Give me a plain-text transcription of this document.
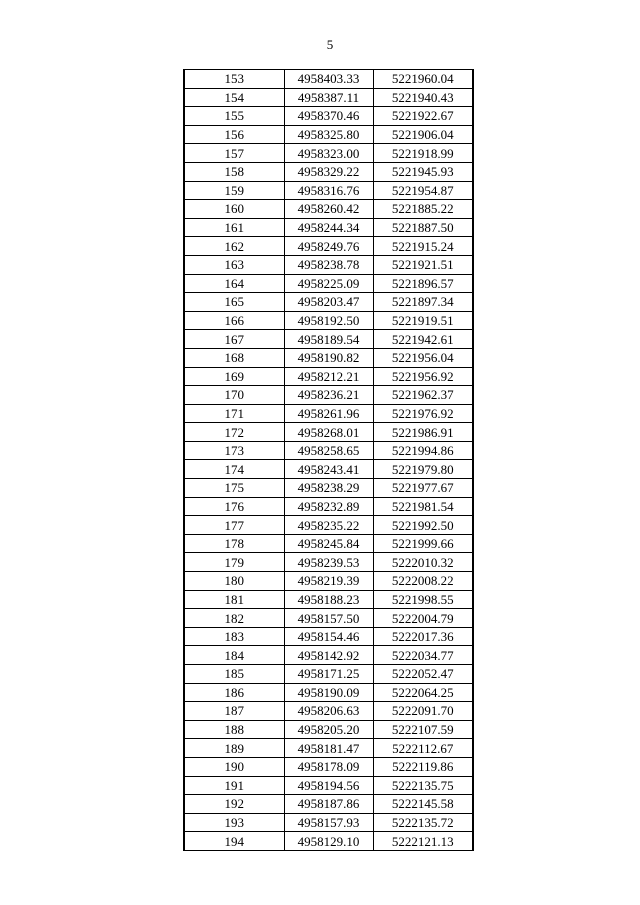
5
153	4958403.33	5221960.04
154	4958387.11	5221940.43
155	4958370.46	5221922.67
156	4958325.80	5221906.04
157	4958323.00	5221918.99
158	4958329.22	5221945.93
159	4958316.76	5221954.87
160	4958260.42	5221885.22
161	4958244.34	5221887.50
162	4958249.76	5221915.24
163	4958238.78	5221921.51
164	4958225.09	5221896.57
165	4958203.47	5221897.34
166	4958192.50	5221919.51
167	4958189.54	5221942.61
168	4958190.82	5221956.04
169	4958212.21	5221956.92
170	4958236.21	5221962.37
171	4958261.96	5221976.92
172	4958268.01	5221986.91
173	4958258.65	5221994.86
174	4958243.41	5221979.80
175	4958238.29	5221977.67
176	4958232.89	5221981.54
177	4958235.22	5221992.50
178	4958245.84	5221999.66
179	4958239.53	5222010.32
180	4958219.39	5222008.22
181	4958188.23	5221998.55
182	4958157.50	5222004.79
183	4958154.46	5222017.36
184	4958142.92	5222034.77
185	4958171.25	5222052.47
186	4958190.09	5222064.25
187	4958206.63	5222091.70
188	4958205.20	5222107.59
189	4958181.47	5222112.67
190	4958178.09	5222119.86
191	4958194.56	5222135.75
192	4958187.86	5222145.58
193	4958157.93	5222135.72
194	4958129.10	5222121.13
